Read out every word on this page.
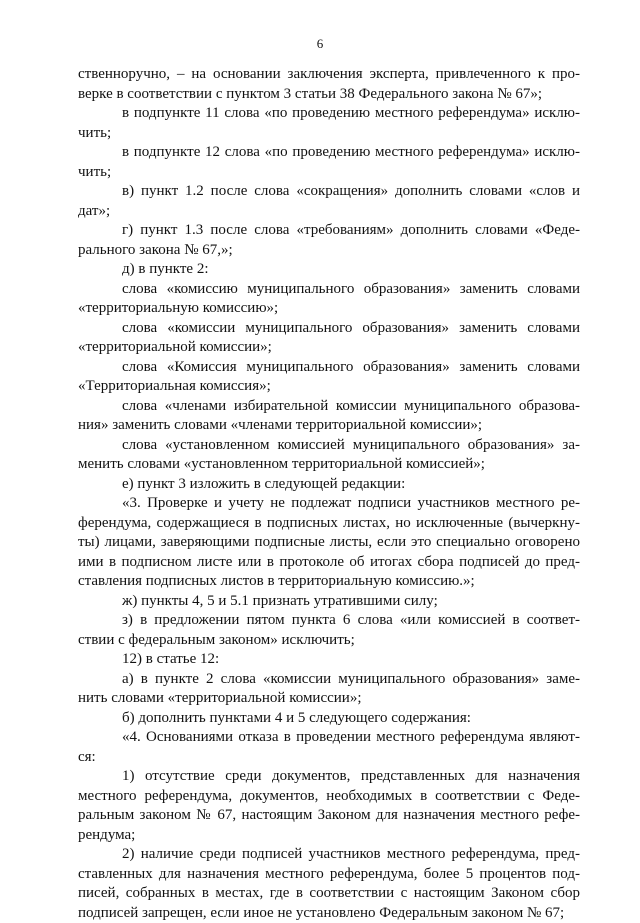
6
ственноручно, – на основании заключения эксперта, привлеченного к про-
верке в соответствии с пунктом 3 статьи 38 Федерального закона № 67»;
в подпункте 11 слова «по проведению местного референдума» исклю-
чить;
в подпункте 12 слова «по проведению местного референдума» исклю-
чить;
в) пункт 1.2 после слова «сокращения» дополнить словами «слов и
дат»;
г) пункт 1.3 после слова «требованиям» дополнить словами «Феде-
рального закона № 67,»;
д) в пункте 2:
слова «комиссию муниципального образования» заменить словами
«территориальную комиссию»;
слова «комиссии муниципального образования» заменить словами
«территориальной комиссии»;
слова «Комиссия муниципального образования» заменить словами
«Территориальная комиссия»;
слова «членами избирательной комиссии муниципального образова-
ния» заменить словами «членами территориальной комиссии»;
слова «установленном комиссией муниципального образования» за-
менить словами «установленном территориальной комиссией»;
е) пункт 3 изложить в следующей редакции:
«3. Проверке и учету не подлежат подписи участников местного ре-
ферендума, содержащиеся в подписных листах, но исключенные (вычеркну-
ты) лицами, заверяющими подписные листы, если это специально оговорено
ими в подписном листе или в протоколе об итогах сбора подписей до пред-
ставления подписных листов в территориальную комиссию.»;
ж) пункты 4, 5 и 5.1 признать утратившими силу;
з) в предложении пятом пункта 6 слова «или комиссией в соответ-
ствии с федеральным законом» исключить;
12) в статье 12:
а) в пункте 2 слова «комиссии муниципального образования» заме-
нить словами «территориальной комиссии»;
б) дополнить пунктами 4 и 5 следующего содержания:
«4. Основаниями отказа в проведении местного референдума являют-
ся:
1) отсутствие среди документов, представленных для назначения
местного референдума, документов, необходимых в соответствии с Федe-
ральным законом № 67, настоящим Законом для назначения местного рефе-
рендума;
2) наличие среди подписей участников местного референдума, пред-
ставленных для назначения местного референдума, более 5 процентов под-
писей, собранных в местах, где в соответствии с настоящим Законом сбор
подписей запрещен, если иное не установлено Федеральным законом № 67;
